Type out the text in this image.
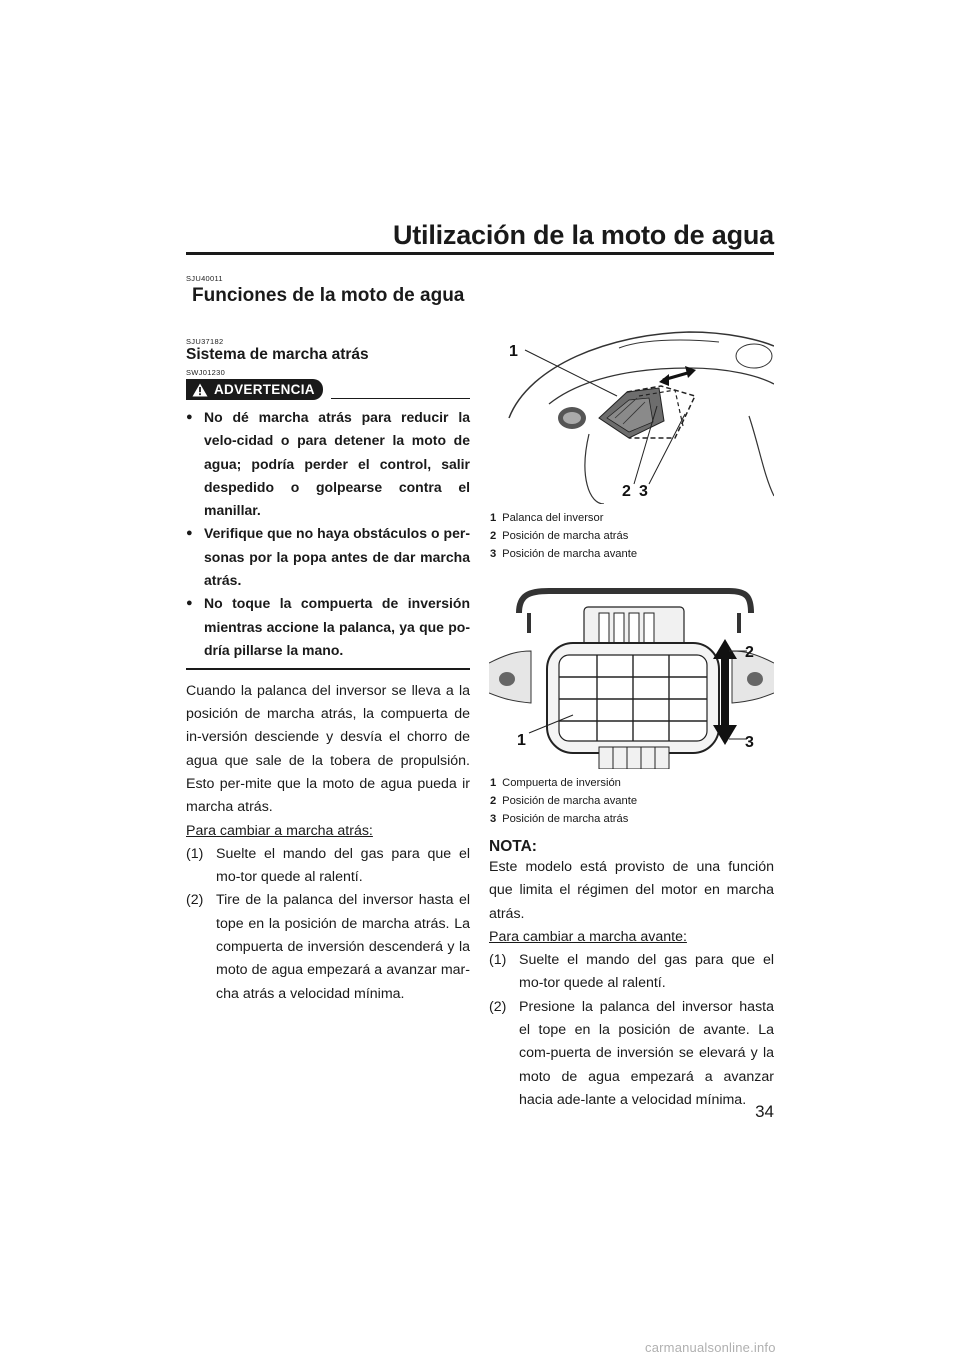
Utilización de la moto de agua
SJU40011
Funciones de la moto de agua
SJU37182
Sistema de marcha atrás
SWJ01230
ADVERTENCIA
● No dé marcha atrás para reducir la velo-cidad o para detener la moto de agua; podría perder el control, salir despedido o golpearse contra el manillar.
● Verifique que no haya obstáculos o per-sonas por la popa antes de dar marcha atrás.
● No toque la compuerta de inversión mientras accione la palanca, ya que po-dría pillarse la mano.

Cuando la palanca del inversor se lleva a la posición de marcha atrás, la compuerta de in-versión desciende y desvía el chorro de agua que sale de la tobera de propulsión. Esto per-mite que la moto de agua pueda ir marcha atrás.

Para cambiar a marcha atrás:

(1) Suelte el mando del gas para que el mo-tor quede al ralentí.
(2) Tire de la palanca del inversor hasta el tope en la posición de marcha atrás. La compuerta de inversión descenderá y la moto de agua empezará a avanzar mar-cha atrás a velocidad mínima.
1
2 3
1 Palanca del inversor
2 Posición de marcha atrás
3 Posición de marcha avante
1
2
3
1 Compuerta de inversión
2 Posición de marcha avante
3 Posición de marcha atrás
NOTA:

Este modelo está provisto de una función que limita el régimen del motor en marcha atrás.

Para cambiar a marcha avante:

(1) Suelte el mando del gas para que el mo-tor quede al ralentí.
(2) Presione la palanca del inversor hasta el tope en la posición de avante. La com-puerta de inversión se elevará y la moto de agua empezará a avanzar hacia ade-lante a velocidad mínima.
34
carmanualsonline.info
